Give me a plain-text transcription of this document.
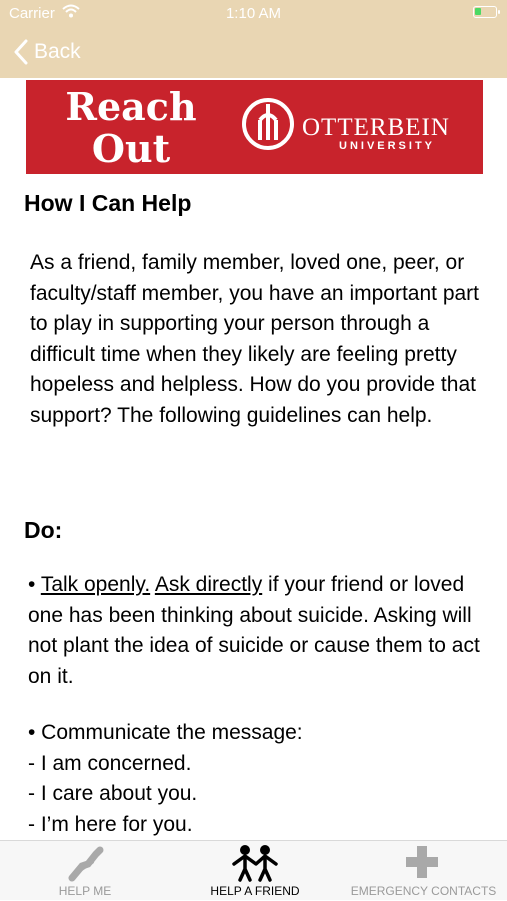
Carrier	1:10 AM
Back
Reach
Out	OTTERBEIN
UNIVERSITY
How I Can Help

As a friend, family member, loved one, peer, or faculty/staff member, you have an important part to play in supporting your person through a difficult time when they likely are feeling pretty hopeless and helpless. How do you provide that support? The following guidelines can help.

Do:

• Talk openly. Ask directly if your friend or loved one has been thinking about suicide. Asking will not plant the idea of suicide or cause them to act on it.

• Communicate the message:
- I am concerned.
- I care about you.
- I’m here for you.
HELP ME	HELP A FRIEND	EMERGENCY CONTACTS
